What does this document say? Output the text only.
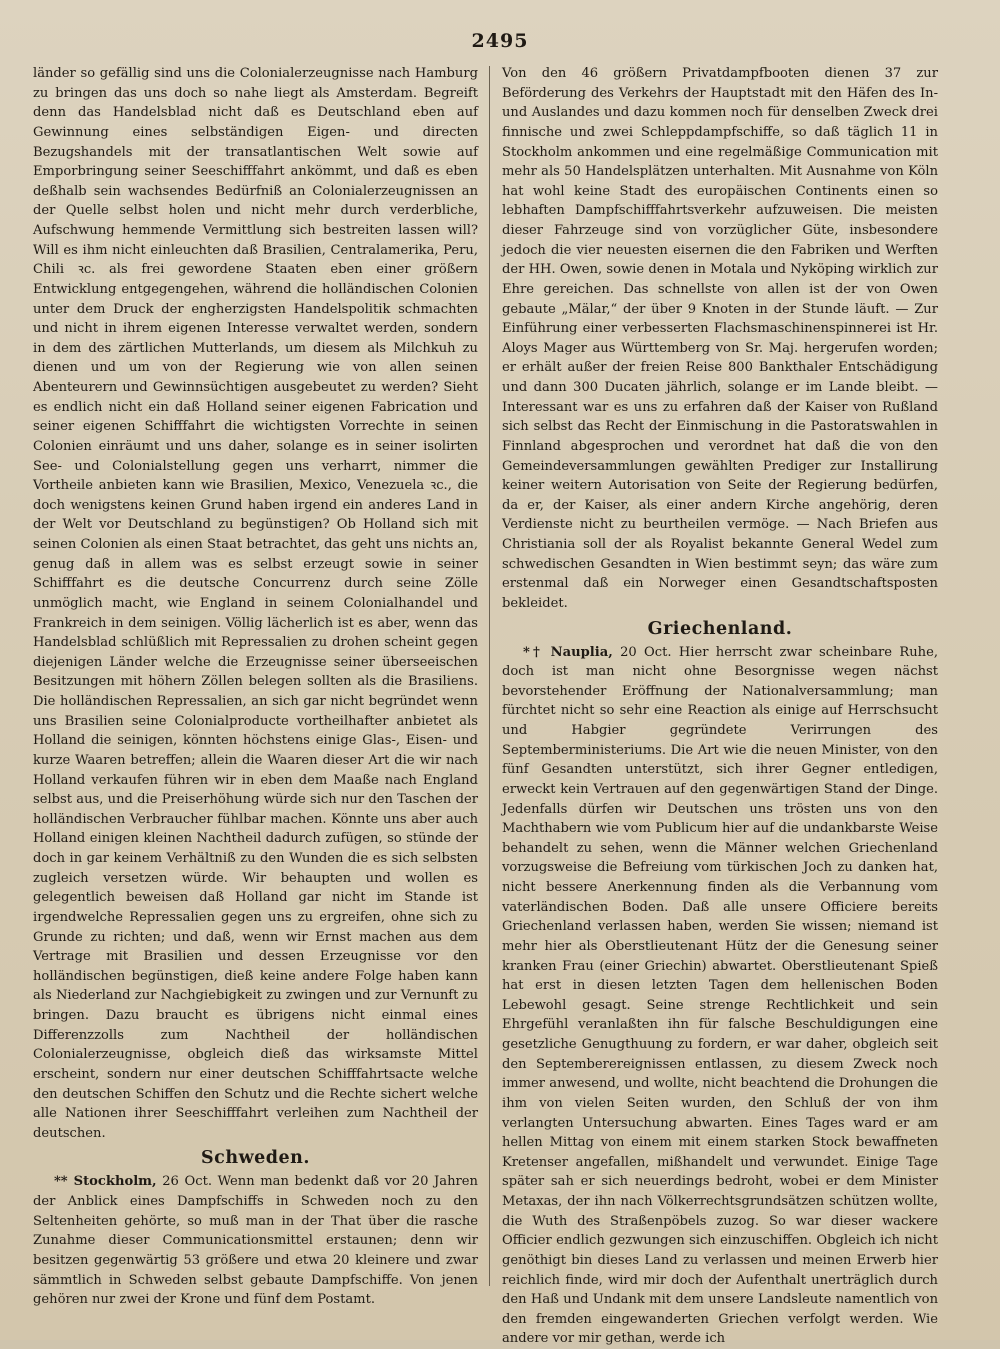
2495

länder so gefällig sind uns die Colonialerzeugnisse nach Hamburg zu bringen das uns doch so nahe liegt als Amsterdam. Begreift denn das Handelsblad nicht daß es Deutschland eben auf Gewinnung eines selbständigen Eigen- und directen Bezugshandels mit der transatlantischen Welt sowie auf Emporbringung seiner Seeschifffahrt ankömmt, und daß es eben deßhalb sein wachsendes Bedürfniß an Colonialerzeugnissen an der Quelle selbst holen und nicht mehr durch verderbliche, Aufschwung hemmende Vermittlung sich bestreiten lassen will? Will es ihm nicht einleuchten daß Brasilien, Centralamerika, Peru, Chili ꝛc. als frei gewordene Staaten eben einer größern Entwicklung entgegengehen, während die holländischen Colonien unter dem Druck der engherzigsten Handelspolitik schmachten und nicht in ihrem eigenen Interesse verwaltet werden, sondern in dem des zärtlichen Mutterlands, um diesem als Milchkuh zu dienen und um von der Regierung wie von allen seinen Abenteurern und Gewinnsüchtigen ausgebeutet zu werden? Sieht es endlich nicht ein daß Holland seiner eigenen Fabrication und seiner eigenen Schifffahrt die wichtigsten Vorrechte in seinen Colonien einräumt und uns daher, solange es in seiner isolirten See- und Colonialstellung gegen uns verharrt, nimmer die Vortheile anbieten kann wie Brasilien, Mexico, Venezuela ꝛc., die doch wenigstens keinen Grund haben irgend ein anderes Land in der Welt vor Deutschland zu begünstigen? Ob Holland sich mit seinen Colonien als einen Staat betrachtet, das geht uns nichts an, genug daß in allem was es selbst erzeugt sowie in seiner Schifffahrt es die deutsche Concurrenz durch seine Zölle unmöglich macht, wie England in seinem Colonialhandel und Frankreich in dem seinigen. Völlig lächerlich ist es aber, wenn das Handelsblad schlüßlich mit Repressalien zu drohen scheint gegen diejenigen Länder welche die Erzeugnisse seiner überseeischen Besitzungen mit höhern Zöllen belegen sollten als die Brasiliens. Die holländischen Repressalien, an sich gar nicht begründet wenn uns Brasilien seine Colonialproducte vortheilhafter anbietet als Holland die seinigen, könnten höchstens einige Glas-, Eisen- und kurze Waaren betreffen; allein die Waaren dieser Art die wir nach Holland verkaufen führen wir in eben dem Maaße nach England selbst aus, und die Preiserhöhung würde sich nur den Taschen der holländischen Verbraucher fühlbar machen. Könnte uns aber auch Holland einigen kleinen Nachtheil dadurch zufügen, so stünde der doch in gar keinem Verhältniß zu den Wunden die es sich selbsten zugleich versetzen würde. Wir behaupten und wollen es gelegentlich beweisen daß Holland gar nicht im Stande ist irgendwelche Repressalien gegen uns zu ergreifen, ohne sich zu Grunde zu richten; und daß, wenn wir Ernst machen aus dem Vertrage mit Brasilien und dessen Erzeugnisse vor den holländischen begünstigen, dieß keine andere Folge haben kann als Niederland zur Nachgiebigkeit zu zwingen und zur Vernunft zu bringen. Dazu braucht es übrigens nicht einmal eines Differenzzolls zum Nachtheil der holländischen Colonialerzeugnisse, obgleich dieß das wirksamste Mittel erscheint, sondern nur einer deutschen Schifffahrtsacte welche den deutschen Schiffen den Schutz und die Rechte sichert welche alle Nationen ihrer Seeschifffahrt verleihen zum Nachtheil der deutschen.

Schweden.

** Stockholm, 26 Oct. Wenn man bedenkt daß vor 20 Jahren der Anblick eines Dampfschiffs in Schweden noch zu den Seltenheiten gehörte, so muß man in der That über die rasche Zunahme dieser Communicationsmittel erstaunen; denn wir besitzen gegenwärtig 53 größere und etwa 20 kleinere und zwar sämmtlich in Schweden selbst gebaute Dampfschiffe. Von jenen gehören nur zwei der Krone und fünf dem Postamt.

Von den 46 größern Privatdampfbooten dienen 37 zur Beförderung des Verkehrs der Hauptstadt mit den Häfen des In- und Auslandes und dazu kommen noch für denselben Zweck drei finnische und zwei Schleppdampfschiffe, so daß täglich 11 in Stockholm ankommen und eine regelmäßige Communication mit mehr als 50 Handelsplätzen unterhalten. Mit Ausnahme von Köln hat wohl keine Stadt des europäischen Continents einen so lebhaften Dampfschifffahrtsverkehr aufzuweisen. Die meisten dieser Fahrzeuge sind von vorzüglicher Güte, insbesondere jedoch die vier neuesten eisernen die den Fabriken und Werften der HH. Owen, sowie denen in Motala und Nyköping wirklich zur Ehre gereichen. Das schnellste von allen ist der von Owen gebaute „Mälar,“ der über 9 Knoten in der Stunde läuft. — Zur Einführung einer verbesserten Flachsmaschinenspinnerei ist Hr. Aloys Mager aus Württemberg von Sr. Maj. hergerufen worden; er erhält außer der freien Reise 800 Bankthaler Entschädigung und dann 300 Ducaten jährlich, solange er im Lande bleibt. — Interessant war es uns zu erfahren daß der Kaiser von Rußland sich selbst das Recht der Einmischung in die Pastoratswahlen in Finnland abgesprochen und verordnet hat daß die von den Gemeindeversammlungen gewählten Prediger zur Installirung keiner weitern Autorisation von Seite der Regierung bedürfen, da er, der Kaiser, als einer andern Kirche angehörig, deren Verdienste nicht zu beurtheilen vermöge. — Nach Briefen aus Christiania soll der als Royalist bekannte General Wedel zum schwedischen Gesandten in Wien bestimmt seyn; das wäre zum erstenmal daß ein Norweger einen Gesandtschaftsposten bekleidet.

Griechenland.

*† Nauplia, 20 Oct. Hier herrscht zwar scheinbare Ruhe, doch ist man nicht ohne Besorgnisse wegen nächst bevorstehender Eröffnung der Nationalversammlung; man fürchtet nicht so sehr eine Reaction als einige auf Herrschsucht und Habgier gegründete Verirrungen des Septemberministeriums. Die Art wie die neuen Minister, von den fünf Gesandten unterstützt, sich ihrer Gegner entledigen, erweckt kein Vertrauen auf den gegenwärtigen Stand der Dinge. Jedenfalls dürfen wir Deutschen uns trösten uns von den Machthabern wie vom Publicum hier auf die undankbarste Weise behandelt zu sehen, wenn die Männer welchen Griechenland vorzugsweise die Befreiung vom türkischen Joch zu danken hat, nicht bessere Anerkennung finden als die Verbannung vom vaterländischen Boden. Daß alle unsere Officiere bereits Griechenland verlassen haben, werden Sie wissen; niemand ist mehr hier als Oberstlieutenant Hütz der die Genesung seiner kranken Frau (einer Griechin) abwartet. Oberstlieutenant Spieß hat erst in diesen letzten Tagen dem hellenischen Boden Lebewohl gesagt. Seine strenge Rechtlichkeit und sein Ehrgefühl veranlaßten ihn für falsche Beschuldigungen eine gesetzliche Genugthuung zu fordern, er war daher, obgleich seit den Septemberereignissen entlassen, zu diesem Zweck noch immer anwesend, und wollte, nicht beachtend die Drohungen die ihm von vielen Seiten wurden, den Schluß der von ihm verlangten Untersuchung abwarten. Eines Tages ward er am hellen Mittag von einem mit einem starken Stock bewaffneten Kretenser angefallen, mißhandelt und verwundet. Einige Tage später sah er sich neuerdings bedroht, wobei er dem Minister Metaxas, der ihn nach Völkerrechtsgrundsätzen schützen wollte, die Wuth des Straßenpöbels zuzog. So war dieser wackere Officier endlich gezwungen sich einzuschiffen. Obgleich ich nicht genöthigt bin dieses Land zu verlassen und meinen Erwerb hier reichlich finde, wird mir doch der Aufenthalt unerträglich durch den Haß und Undank mit dem unsere Landsleute namentlich von den fremden eingewanderten Griechen verfolgt werden. Wie andere vor mir gethan, werde ich
